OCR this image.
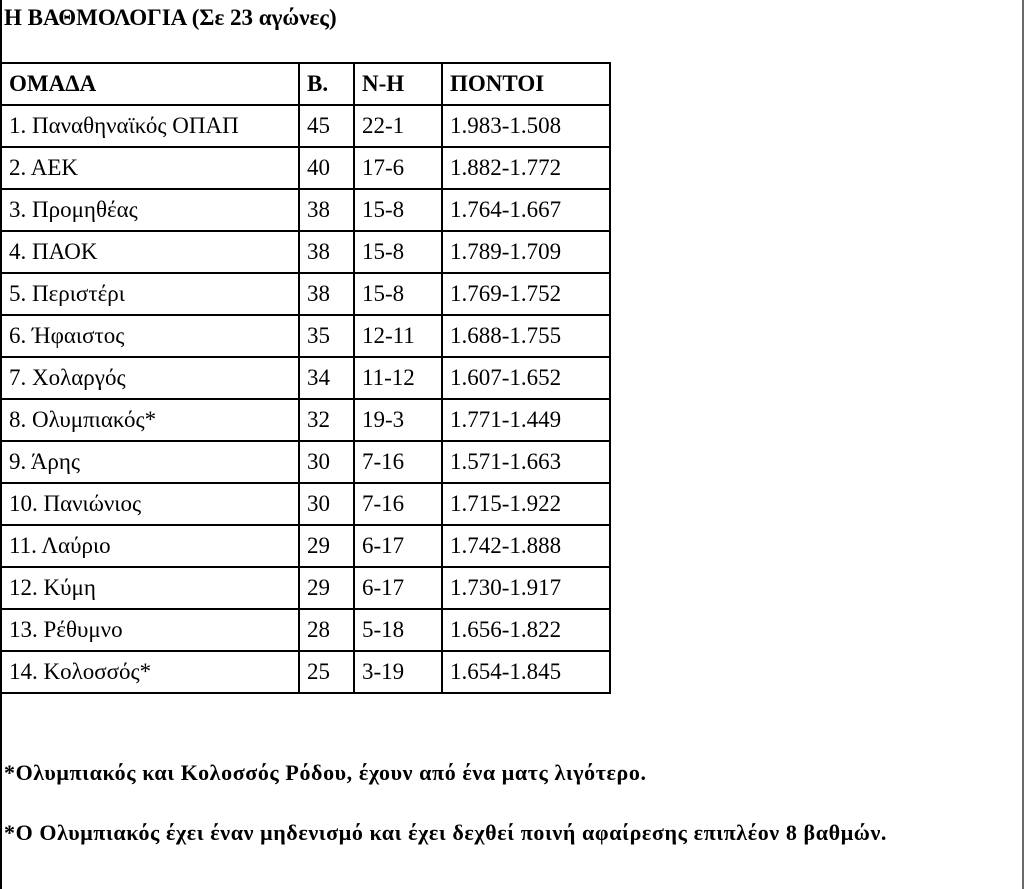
Η ΒΑΘΜΟΛΟΓΙΑ (Σε 23 αγώνες)
ΟΜΑΔΑ	Β.	Ν-Η	ΠΟΝΤΟΙ
1. Παναθηναϊκός ΟΠΑΠ	45	22-1	1.983-1.508
2. ΑΕΚ	40	17-6	1.882-1.772
3. Προμηθέας	38	15-8	1.764-1.667
4. ΠΑΟΚ	38	15-8	1.789-1.709
5. Περιστέρι	38	15-8	1.769-1.752
6. Ήφαιστος	35	12-11	1.688-1.755
7. Χολαργός	34	11-12	1.607-1.652
8. Ολυμπιακός*	32	19-3	1.771-1.449
9. Άρης	30	7-16	1.571-1.663
10. Πανιώνιος	30	7-16	1.715-1.922
11. Λαύριο	29	6-17	1.742-1.888
12. Κύμη	29	6-17	1.730-1.917
13. Ρέθυμνο	28	5-18	1.656-1.822
14. Κολοσσός*	25	3-19	1.654-1.845
*Ολυμπιακός και Κολοσσός Ρόδου, έχουν από ένα ματς λιγότερο.
*Ο Ολυμπιακός έχει έναν μηδενισμό και έχει δεχθεί ποινή αφαίρεσης επιπλέον 8 βαθμών.
